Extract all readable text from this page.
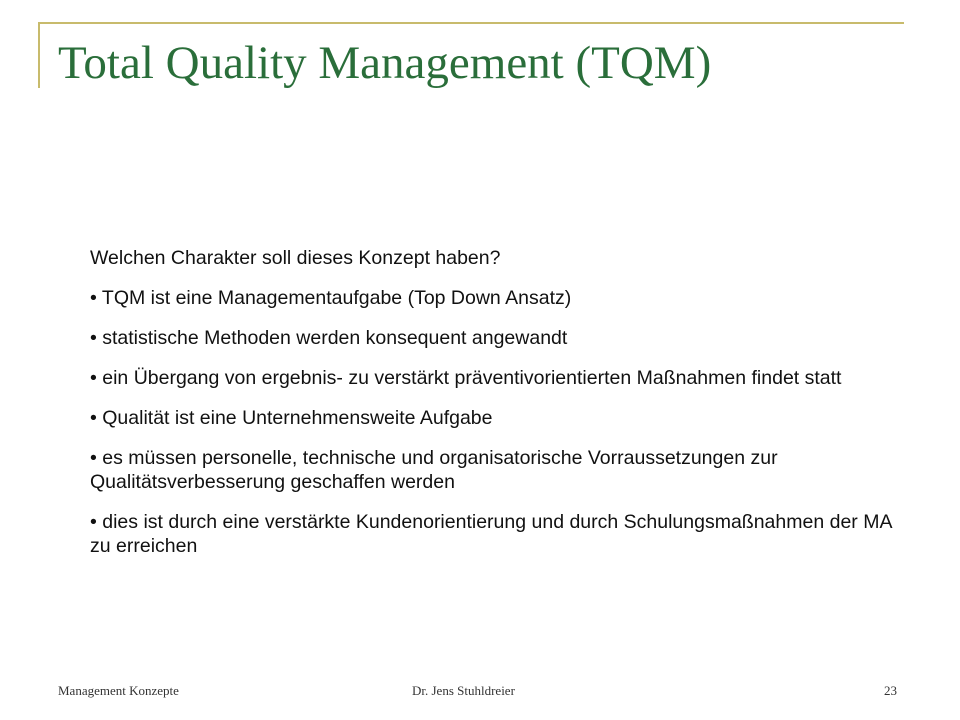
Total Quality Management (TQM)

Welchen Charakter soll dieses Konzept haben?

• TQM ist eine Managementaufgabe (Top Down Ansatz)

• statistische Methoden werden konsequent angewandt

• ein Übergang von ergebnis- zu verstärkt präventivorientierten Maßnahmen findet statt

• Qualität ist eine Unternehmensweite Aufgabe

• es müssen personelle, technische und organisatorische Vorraussetzungen zur Qualitätsverbesserung geschaffen werden

• dies ist durch eine verstärkte Kundenorientierung und durch Schulungsmaßnahmen der MA zu erreichen

Management Konzepte	Dr. Jens Stuhldreier	23
